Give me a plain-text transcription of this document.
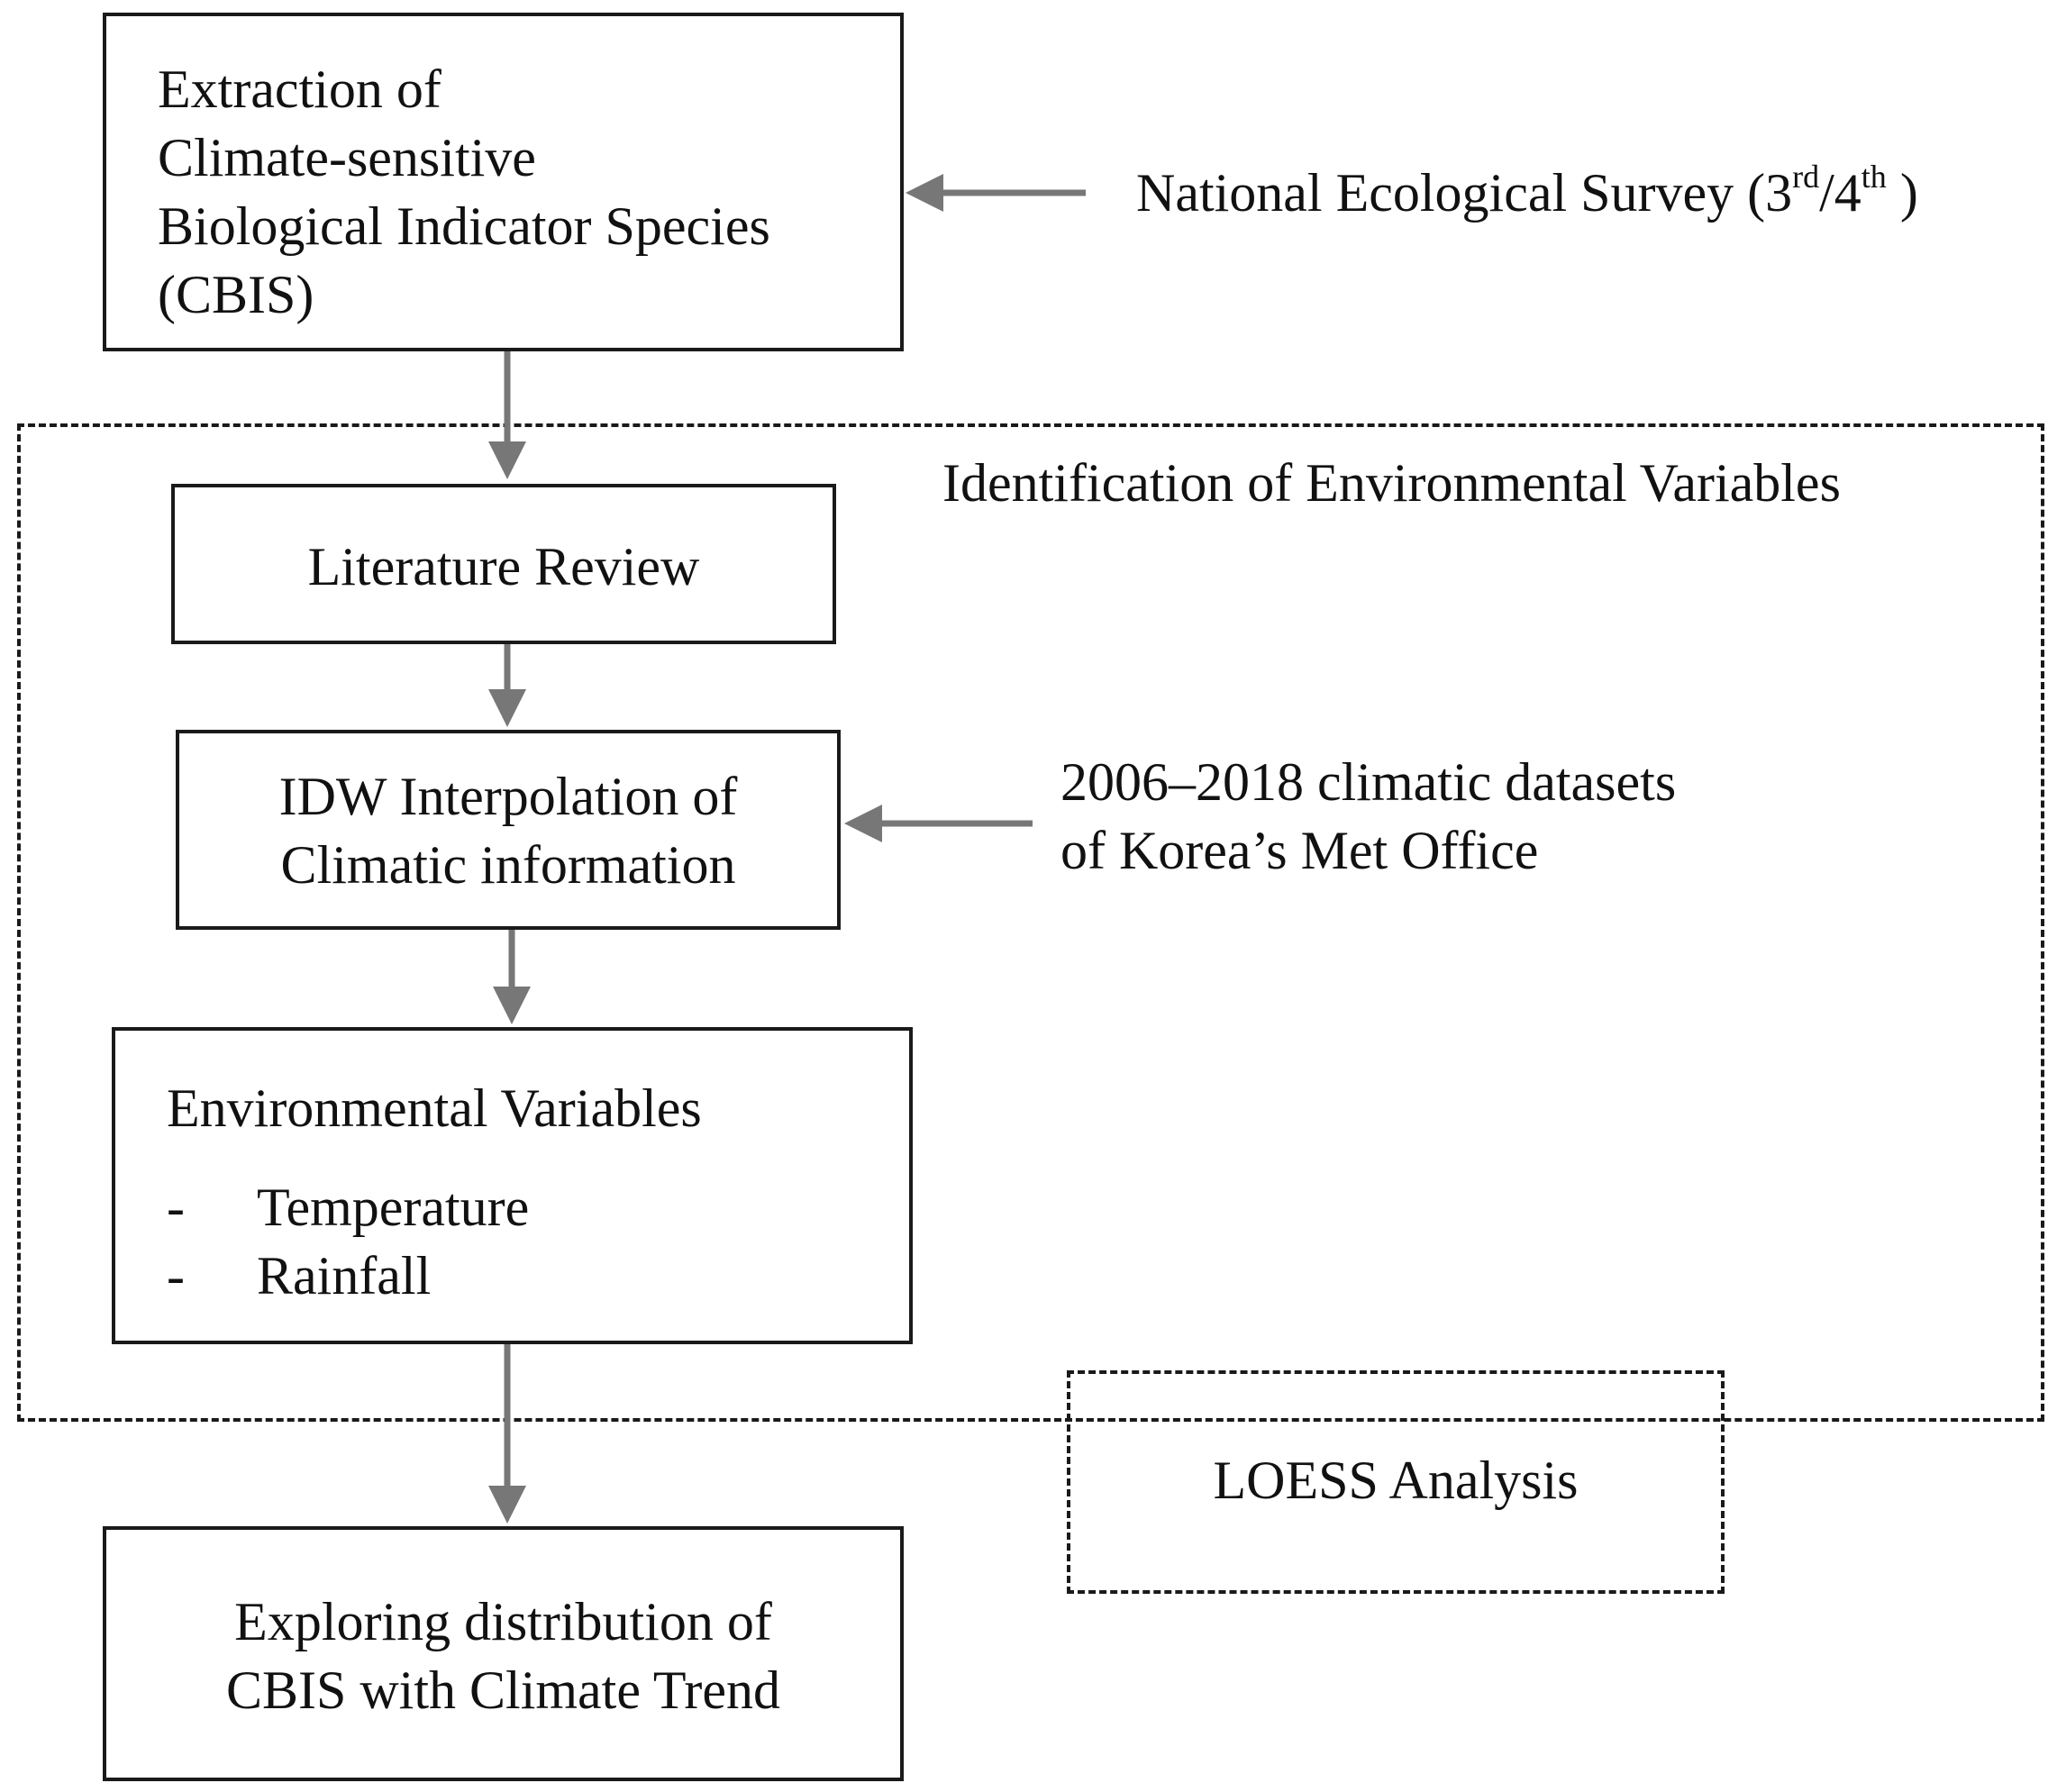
Identification of Environmental Variables
LOESS Analysis
Extraction of
Climate-sensitive
Biological Indicator Species
(CBIS)
National Ecological Survey (3rd/4th )
Literature Review
IDW Interpolation of
Climatic information
2006–2018 climatic datasets
of Korea’s Met Office
Environmental Variables
- Temperature
- Rainfall
Exploring distribution of
CBIS with Climate Trend
